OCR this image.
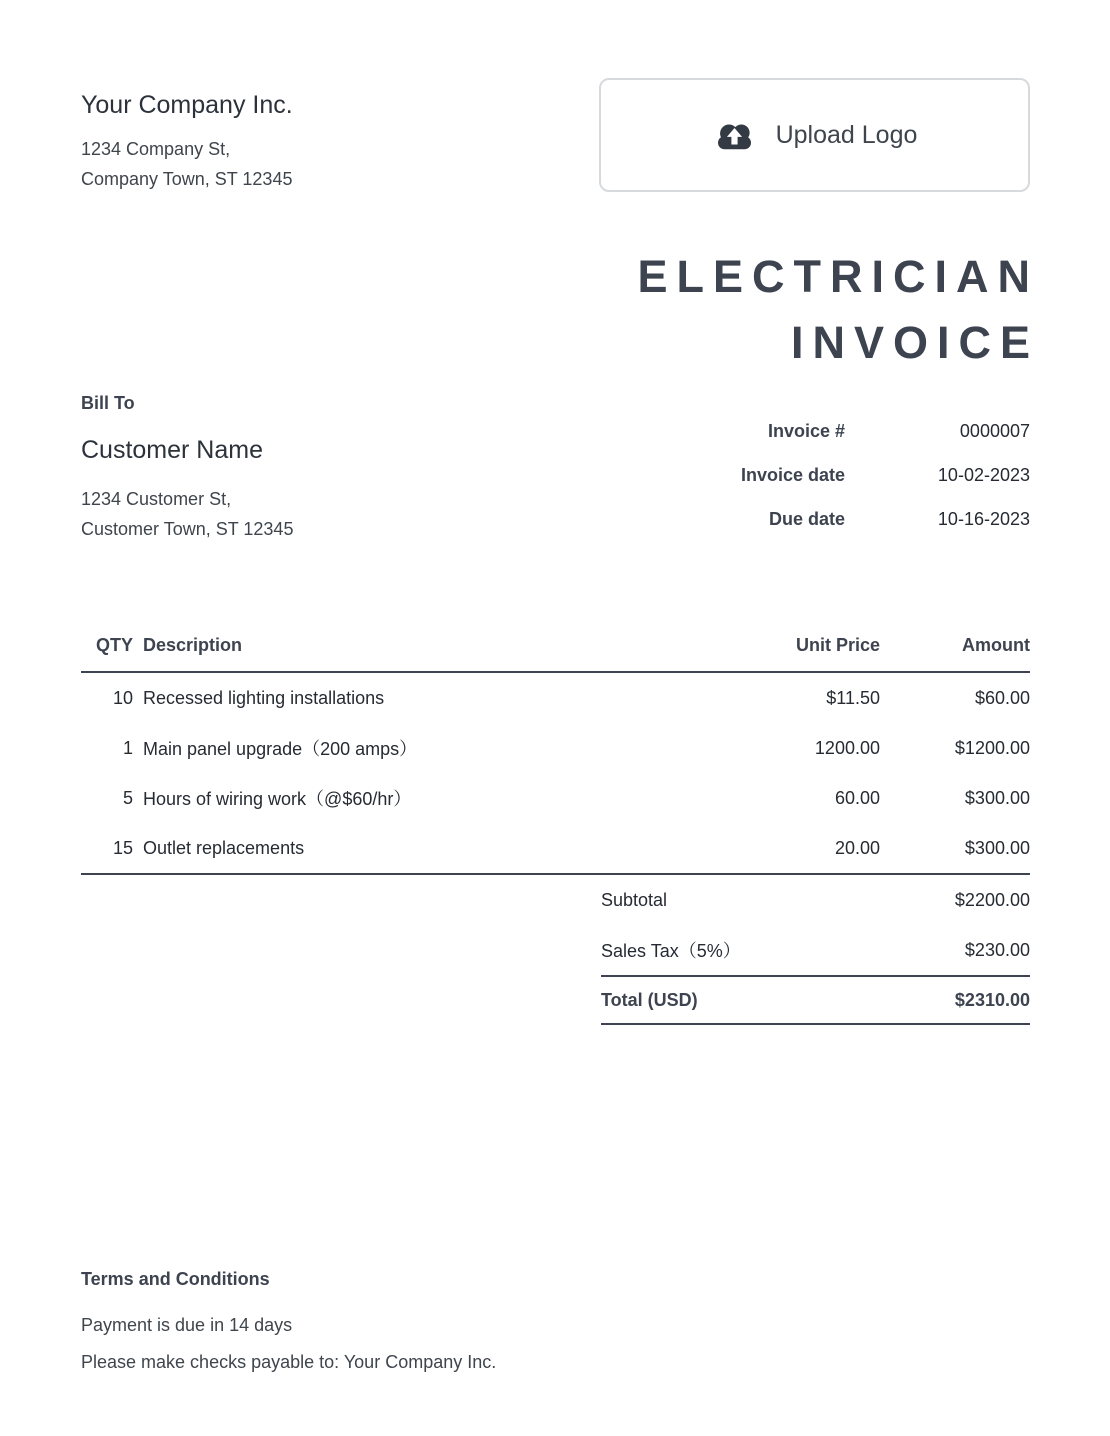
Your Company Inc.
1234 Company St,
Company Town, ST 12345
Upload Logo
ELECTRICIAN
INVOICE
Bill To
Customer Name
1234 Customer St,
Customer Town, ST 12345
Invoice #	0000007
Invoice date	10-02-2023
Due date	10-16-2023
QTY Description	Unit Price	Amount
10 Recessed lighting installations	$11.50	$60.00
1 Main panel upgrade（200 amps）	1200.00	$1200.00
5 Hours of wiring work（@$60/hr）	60.00	$300.00
15 Outlet replacements	20.00	$300.00
Subtotal	$2200.00
Sales Tax（5%）	$230.00
Total (USD)	$2310.00
Terms and Conditions
Payment is due in 14 days
Please make checks payable to: Your Company Inc.
